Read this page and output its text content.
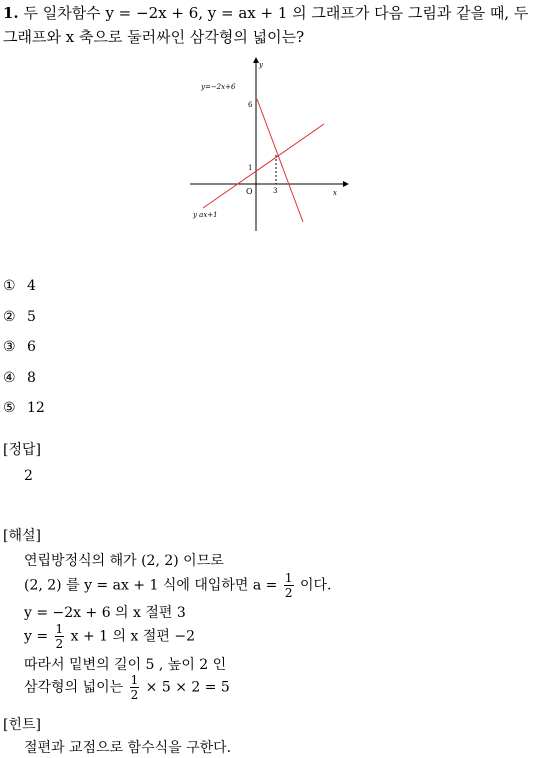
1. 두 일차함수 y = −2x + 6, y = ax + 1 의 그래프가 다음 그림과 같을 때, 두
그래프와 x 축으로 둘러싸인 삼각형의 넓이는?
y
x
O
6
1
3
y=−2x+6
y ax+1
① 4
② 5
③ 6
④ 8
⑤ 12
[정답]
2
[해설]
연립방정식의 해가 (2, 2) 이므로
(2, 2) 를 y = ax + 1 식에 대입하면 $a = \frac{1}{2}$ 이다.
y = −2x + 6 의 x 절편 3
$y = \frac{1}{2}$ x + 1 의 x 절편 −2
따라서 밑변의 길이 5 , 높이 2 인
삼각형의 넓이는 $\frac{1}{2} \times 5 \times 2 = 5$
[힌트]
절편과 교점으로 함수식을 구한다.
